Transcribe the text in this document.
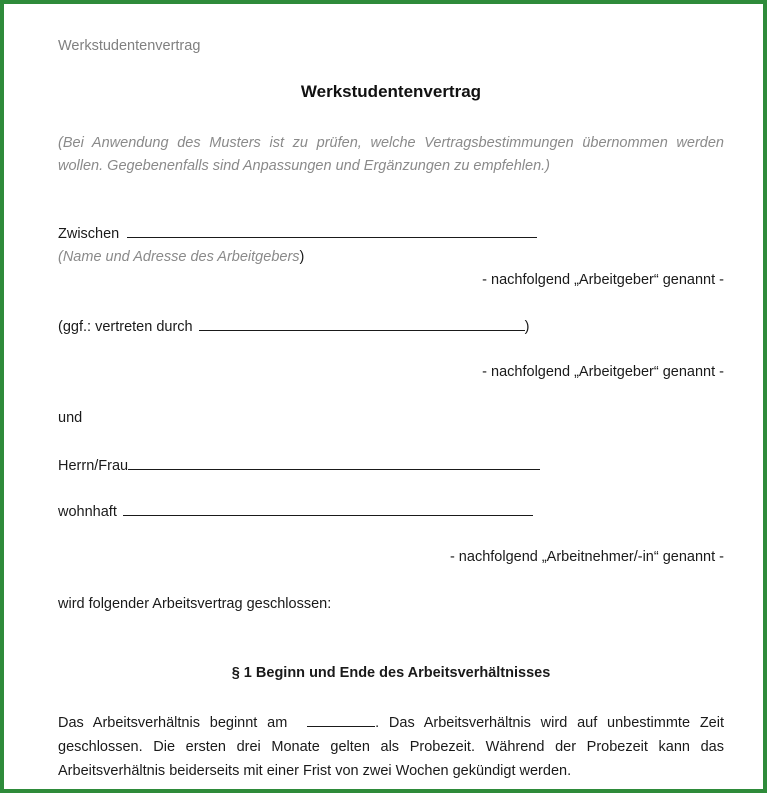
Werkstudentenvertrag
Werkstudentenvertrag
(Bei Anwendung des Musters ist zu prüfen, welche Vertragsbestimmungen übernommen werden wollen. Gegebenenfalls sind Anpassungen und Ergänzungen zu empfehlen.)
Zwischen
(Name und Adresse des Arbeitgebers)
- nachfolgend „Arbeitgeber“ genannt -
(ggf.: vertreten durch	)
- nachfolgend „Arbeitgeber“ genannt -
und
Herrn/Frau
wohnhaft
- nachfolgend „Arbeitnehmer/-in“ genannt -
wird folgender Arbeitsvertrag geschlossen:
§ 1 Beginn und Ende des Arbeitsverhältnisses
Das Arbeitsverhältnis beginnt am	. Das Arbeitsverhältnis wird auf unbestimmte Zeit geschlossen. Die ersten drei Monate gelten als Probezeit. Während der Probezeit kann das Arbeitsverhältnis beiderseits mit einer Frist von zwei Wochen gekündigt werden.
